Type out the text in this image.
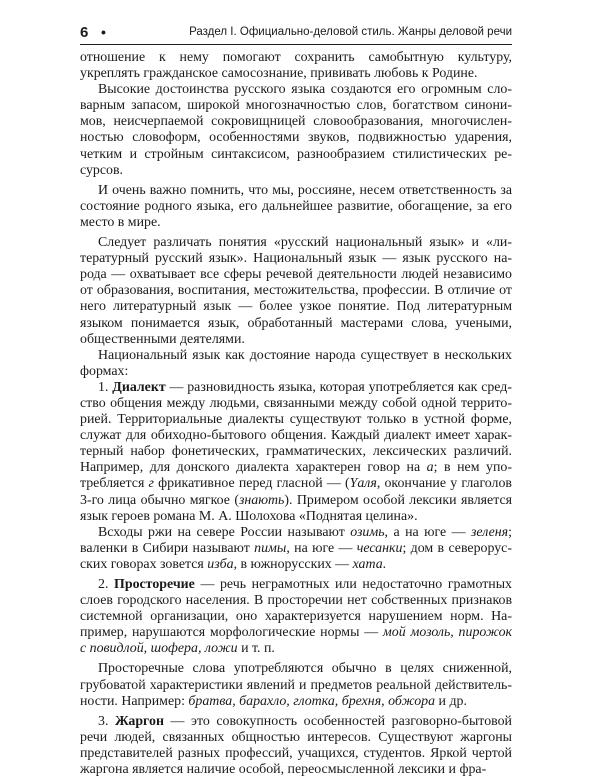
6 •	Раздел I. Официально-деловой стиль. Жанры деловой речи

отношение к нему помогают сохранить самобытную культуру, укреплять гражданское самосознание, прививать любовь к Родине.

Высокие достоинства русского языка создаются его огромным словарным запасом, широкой многозначностью слов, богатством синонимов, неисчерпаемой сокровищницей словообразования, многочисленностью словоформ, особенностями звуков, подвижностью ударения, четким и стройным синтаксисом, разнообразием стилистических ресурсов.

И очень важно помнить, что мы, россияне, несем ответственность за состояние родного языка, его дальнейшее развитие, обогащение, за его место в мире.

Следует различать понятия «русский национальный язык» и «литературный русский язык». Национальный язык — язык русского народа — охватывает все сферы речевой деятельности людей независимо от образования, воспитания, местожительства, профессии. В отличие от него литературный язык — более узкое понятие. Под литературным языком понимается язык, обработанный мастерами слова, учеными, общественными деятелями.

Национальный язык как достояние народа существует в нескольких формах:

1. Диалект — разновидность языка, которая употребляется как средство общения между людьми, связанными между собой одной территорией. Территориальные диалекты существуют только в устной форме, служат для обиходно-бытового общения. Каждый диалект имеет характерный набор фонетических, грамматических, лексических различий. Например, для донского диалекта характерен говор на а; в нем употребляется г фрикативное перед гласной — (Үаля, окончание у глаголов 3-го лица обычно мягкое (знають). Примером особой лексики является язык героев романа М. А. Шолохова «Поднятая целина».

Всходы ржи на севере России называют озимь, а на юге — зеленя; валенки в Сибири называют пимы, на юге — чесанки; дом в северорусских говорах зовется изба, в южнорусских — хата.

2. Просторечие — речь неграмотных или недостаточно грамотных слоев городского населения. В просторечии нет собственных признаков системной организации, оно характеризуется нарушением норм. Например, нарушаются морфологические нормы — мой мозоль, пирожок с повидлой, шофера, ложи и т. п.

Просторечные слова употребляются обычно в целях сниженной, грубоватой характеристики явлений и предметов реальной действительности. Например: братва, барахло, глотка, брехня, обжора и др.

3. Жаргон — это совокупность особенностей разговорно-бытовой речи людей, связанных общностью интересов. Существуют жаргоны представителей разных профессий, учащихся, студентов. Яркой чертой жаргона является наличие особой, переосмысленной лексики и фра-
